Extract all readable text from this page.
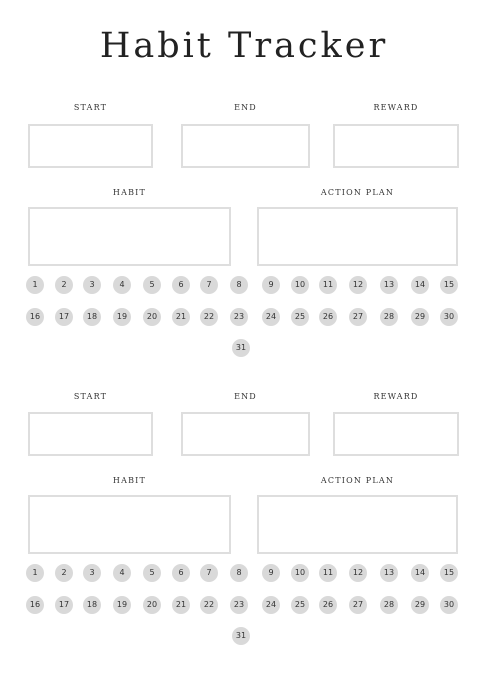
Habit Tracker
START	END	REWARD
HABIT	ACTION PLAN
START	END	REWARD
HABIT	ACTION PLAN
1	2	3	4	5	6	7	8	9	10	11	12	13	14	15
16	17	18	19	20	21	22	23	24	25	26	27	28	29	30
31
1	2	3	4	5	6	7	8	9	10	11	12	13	14	15
16	17	18	19	20	21	22	23	24	25	26	27	28	29	30
31
